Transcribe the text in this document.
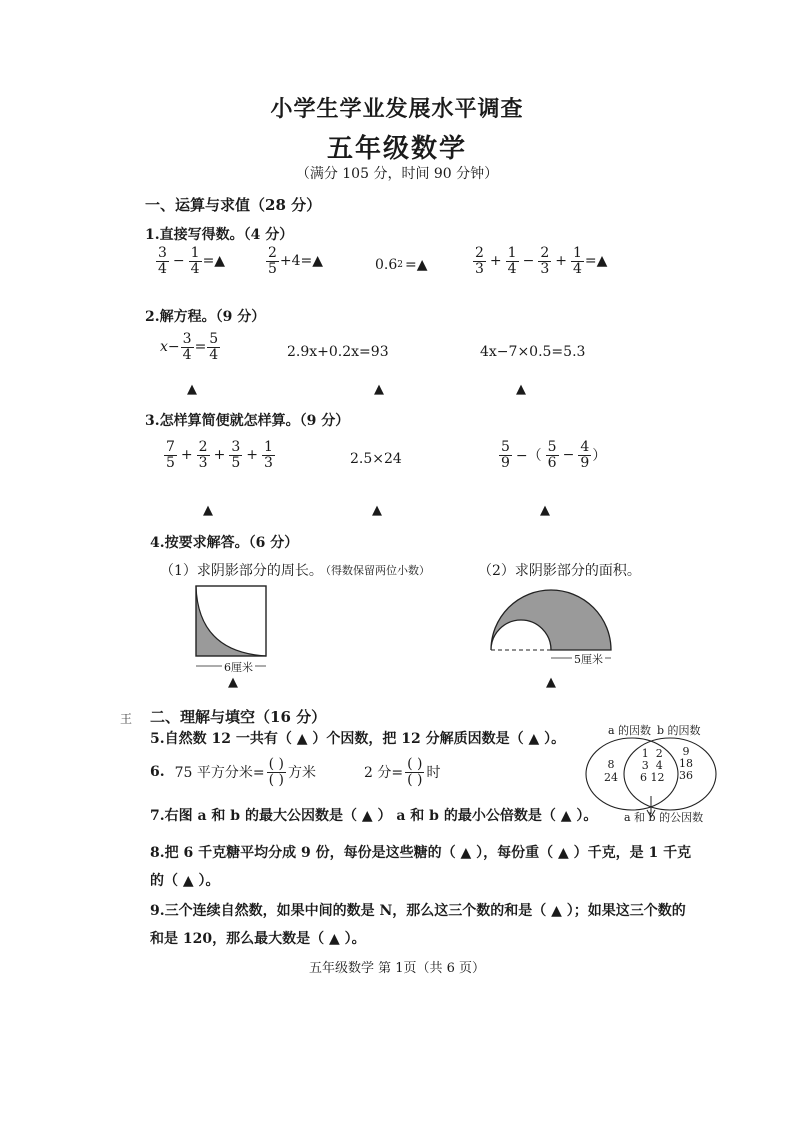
小学生学业发展水平调查
五年级数学
（满分 105 分，时间 90 分钟）
一、运算与求值（28 分）
1.直接写得数。（4 分）
$\frac{3}{4} - \frac{1}{4}$ =▲	$\frac{2}{5}$ +4=▲	0.6 2 =▲	$\frac{2}{3} + \frac{1}{4} - \frac{2}{3} + \frac{1}{4}$ =▲
2.解方程。（9 分）
$x - \frac{3}{4} = \frac{5}{4}$	2.9x+0.2x=93	4x−7×0.5=5.3
▲	▲	▲
3.怎样算简便就怎样算。（9 分）
$\frac{7}{5} + \frac{2}{3} + \frac{3}{5} + \frac{1}{3}$	2.5×24	$\frac{5}{9}$ −（ $\frac{5}{6} - \frac{4}{9}$ ）
▲	▲	▲
4.按要求解答。（6 分）
（1）求阴影部分的周长。
（得数保留两位小数）	（2）求阴影部分的面积。
6厘米
▲
5厘米
▲
王 二、理解与填空（16 分）
5.自然数 12 一共有（ ▲ ）个因数，把 12 分解质因数是（ ▲ ）。
6. 75 平方分米= $\frac{( )}{( )}$ 方米	2 分= $\frac{( )}{( )}$ 时
a 的因数 b 的因数
8
24
1 2
3 4
6 12
9
18
36
a 和 b 的公因数
7.右图 a 和 b 的最大公因数是（ ▲ ） a 和 b 的最小公倍数是（ ▲ ）。
8.把 6 千克糖平均分成 9 份，每份是这些糖的（ ▲ ），每份重（ ▲ ）千克，是 1 千克
的（ ▲ ）。
9.三个连续自然数，如果中间的数是 N，那么这三个数的和是（ ▲ ）；如果这三个数的
和是 120，那么最大数是（ ▲ ）。
五年级数学 第 1页（共 6 页）
